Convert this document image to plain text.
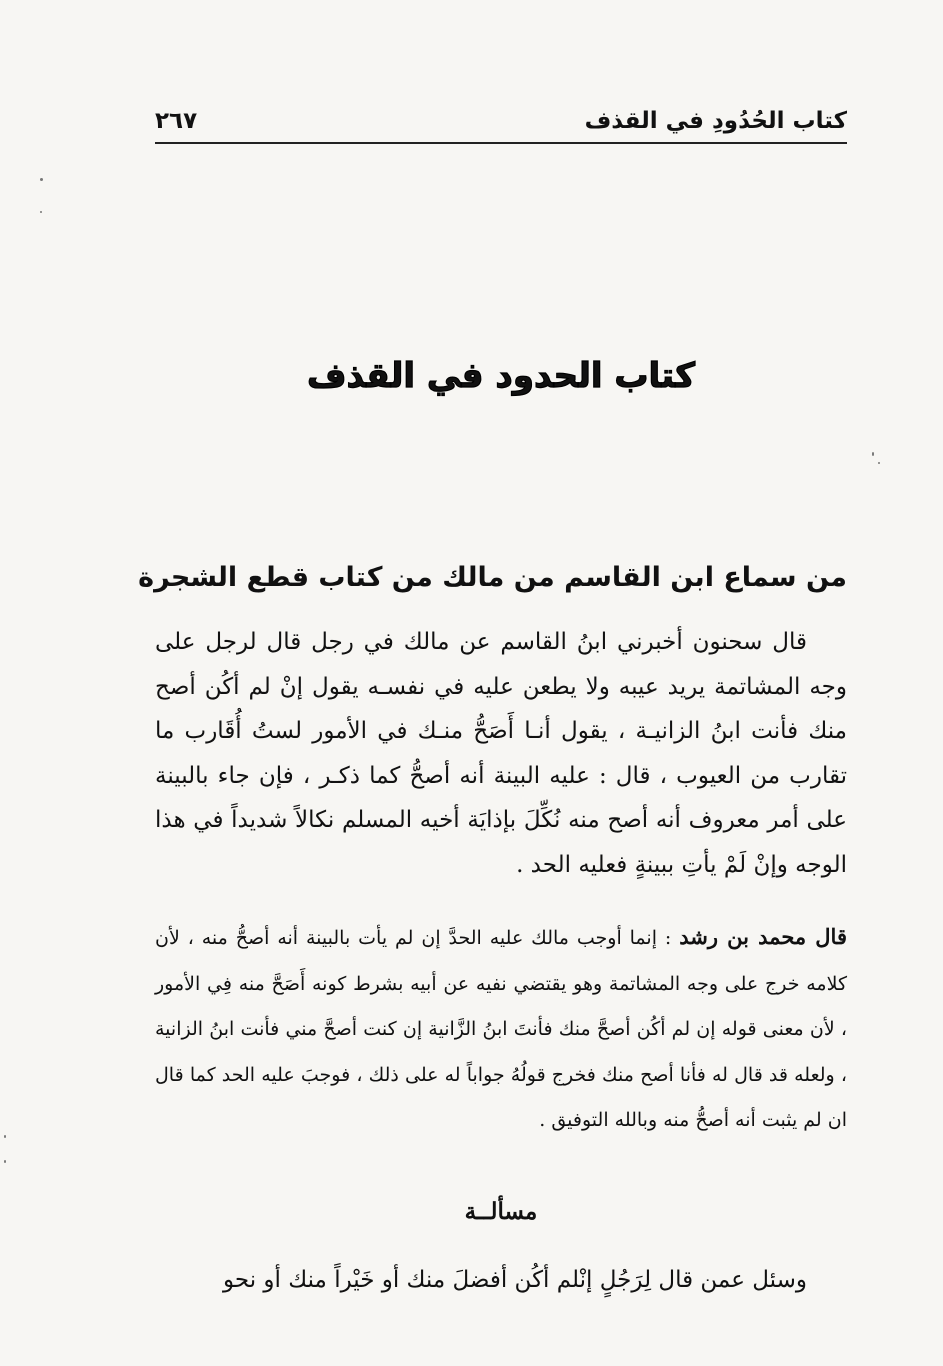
كتاب الحُدُودِ في القذف
٢٦٧
كتاب الحدود في القذف
من سماع ابن القاسم من مالك من كتاب قطع الشجرة
قال سحنون أخبرني ابنُ القاسم عن مالك في رجل قال لرجل على وجه المشاتمة يريد عيبه ولا يطعن عليه في نفسـه يقول إنْ لم أكُن أصح منك فأنت ابنُ الزانيـة ، يقول أنـا أَصَحُّ منـك في الأمور لستُ أُقَارب ما تقارب من العيوب ، قال : عليه البينة أنه أصحُّ كما ذكـر ، فإن جاء بالبينة على أمر معروف أنه أصح منه نُكِّلَ بإذايَة أخيه المسلم نكالاً شديداً في هذا الوجه وإنْ لَمْ يأتِ ببينةٍ فعليه الحد .
قال محمد بن رشد : إنما أوجب مالك عليه الحدَّ إن لم يأت بالبينة أنه أصحُّ منه ، لأن كلامه خرج على وجه المشاتمة وهو يقتضي نفيه عن أبيه بشرط كونه أَصَحَّ منه فِي الأمور ، لأن معنى قوله إن لم أكُن أصحَّ منك فأنتَ ابنُ الزَّانية إن كنت أصحَّ مني فأنت ابنُ الزانية ، ولعله قد قال له فأنا أصح منك فخرج قولُهُ جواباً له على ذلك ، فوجبَ عليه الحد كما قال ان لم يثبت أنه أصحُّ منه وبالله التوفيق .
مسألــة
وسئل عمن قال لِرَجُلٍ إنْلم أكُن أفضلَ منك أو خَيْراً منك أو نحو
